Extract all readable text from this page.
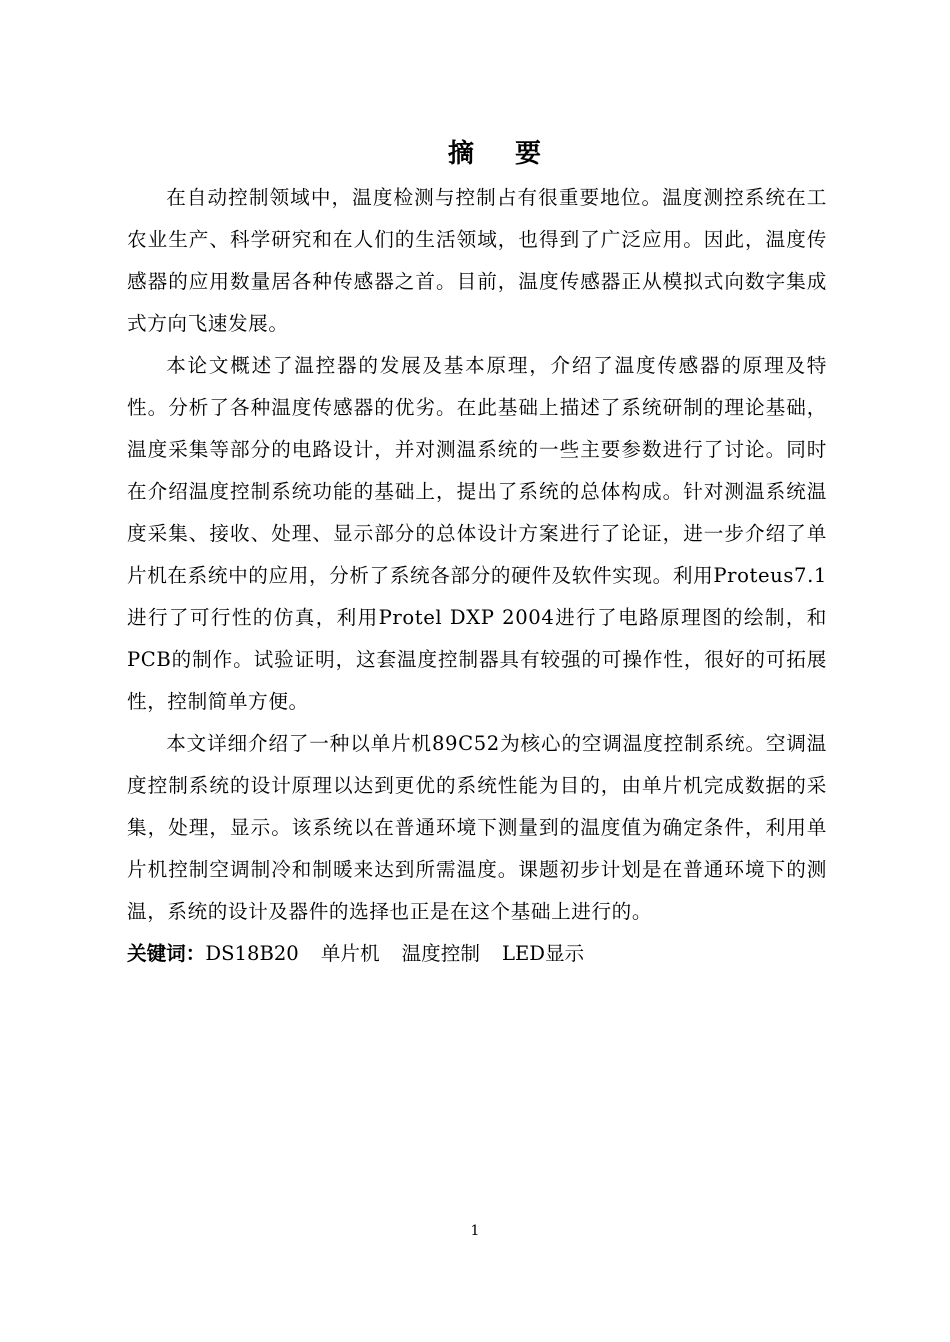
摘 要

在自动控制领域中，温度检测与控制占有很重要地位。温度测控系统在工农业生产、科学研究和在人们的生活领域，也得到了广泛应用。因此，温度传感器的应用数量居各种传感器之首。目前，温度传感器正从模拟式向数字集成式方向飞速发展。

本论文概述了温控器的发展及基本原理，介绍了温度传感器的原理及特性。分析了各种温度传感器的优劣。在此基础上描述了系统研制的理论基础，温度采集等部分的电路设计，并对测温系统的一些主要参数进行了讨论。同时在介绍温度控制系统功能的基础上，提出了系统的总体构成。针对测温系统温度采集、接收、处理、显示部分的总体设计方案进行了论证，进一步介绍了单片机在系统中的应用，分析了系统各部分的硬件及软件实现。利用Proteus7.1进行了可行性的仿真，利用Protel DXP 2004进行了电路原理图的绘制，和PCB的制作。试验证明，这套温度控制器具有较强的可操作性，很好的可拓展性，控制简单方便。

本文详细介绍了一种以单片机89C52为核心的空调温度控制系统。空调温度控制系统的设计原理以达到更优的系统性能为目的，由单片机完成数据的采集，处理，显示。该系统以在普通环境下测量到的温度值为确定条件，利用单片机控制空调制冷和制暖来达到所需温度。课题初步计划是在普通环境下的测温，系统的设计及器件的选择也正是在这个基础上进行的。

关键词：DS18B20 单片机 温度控制 LED显示

1
